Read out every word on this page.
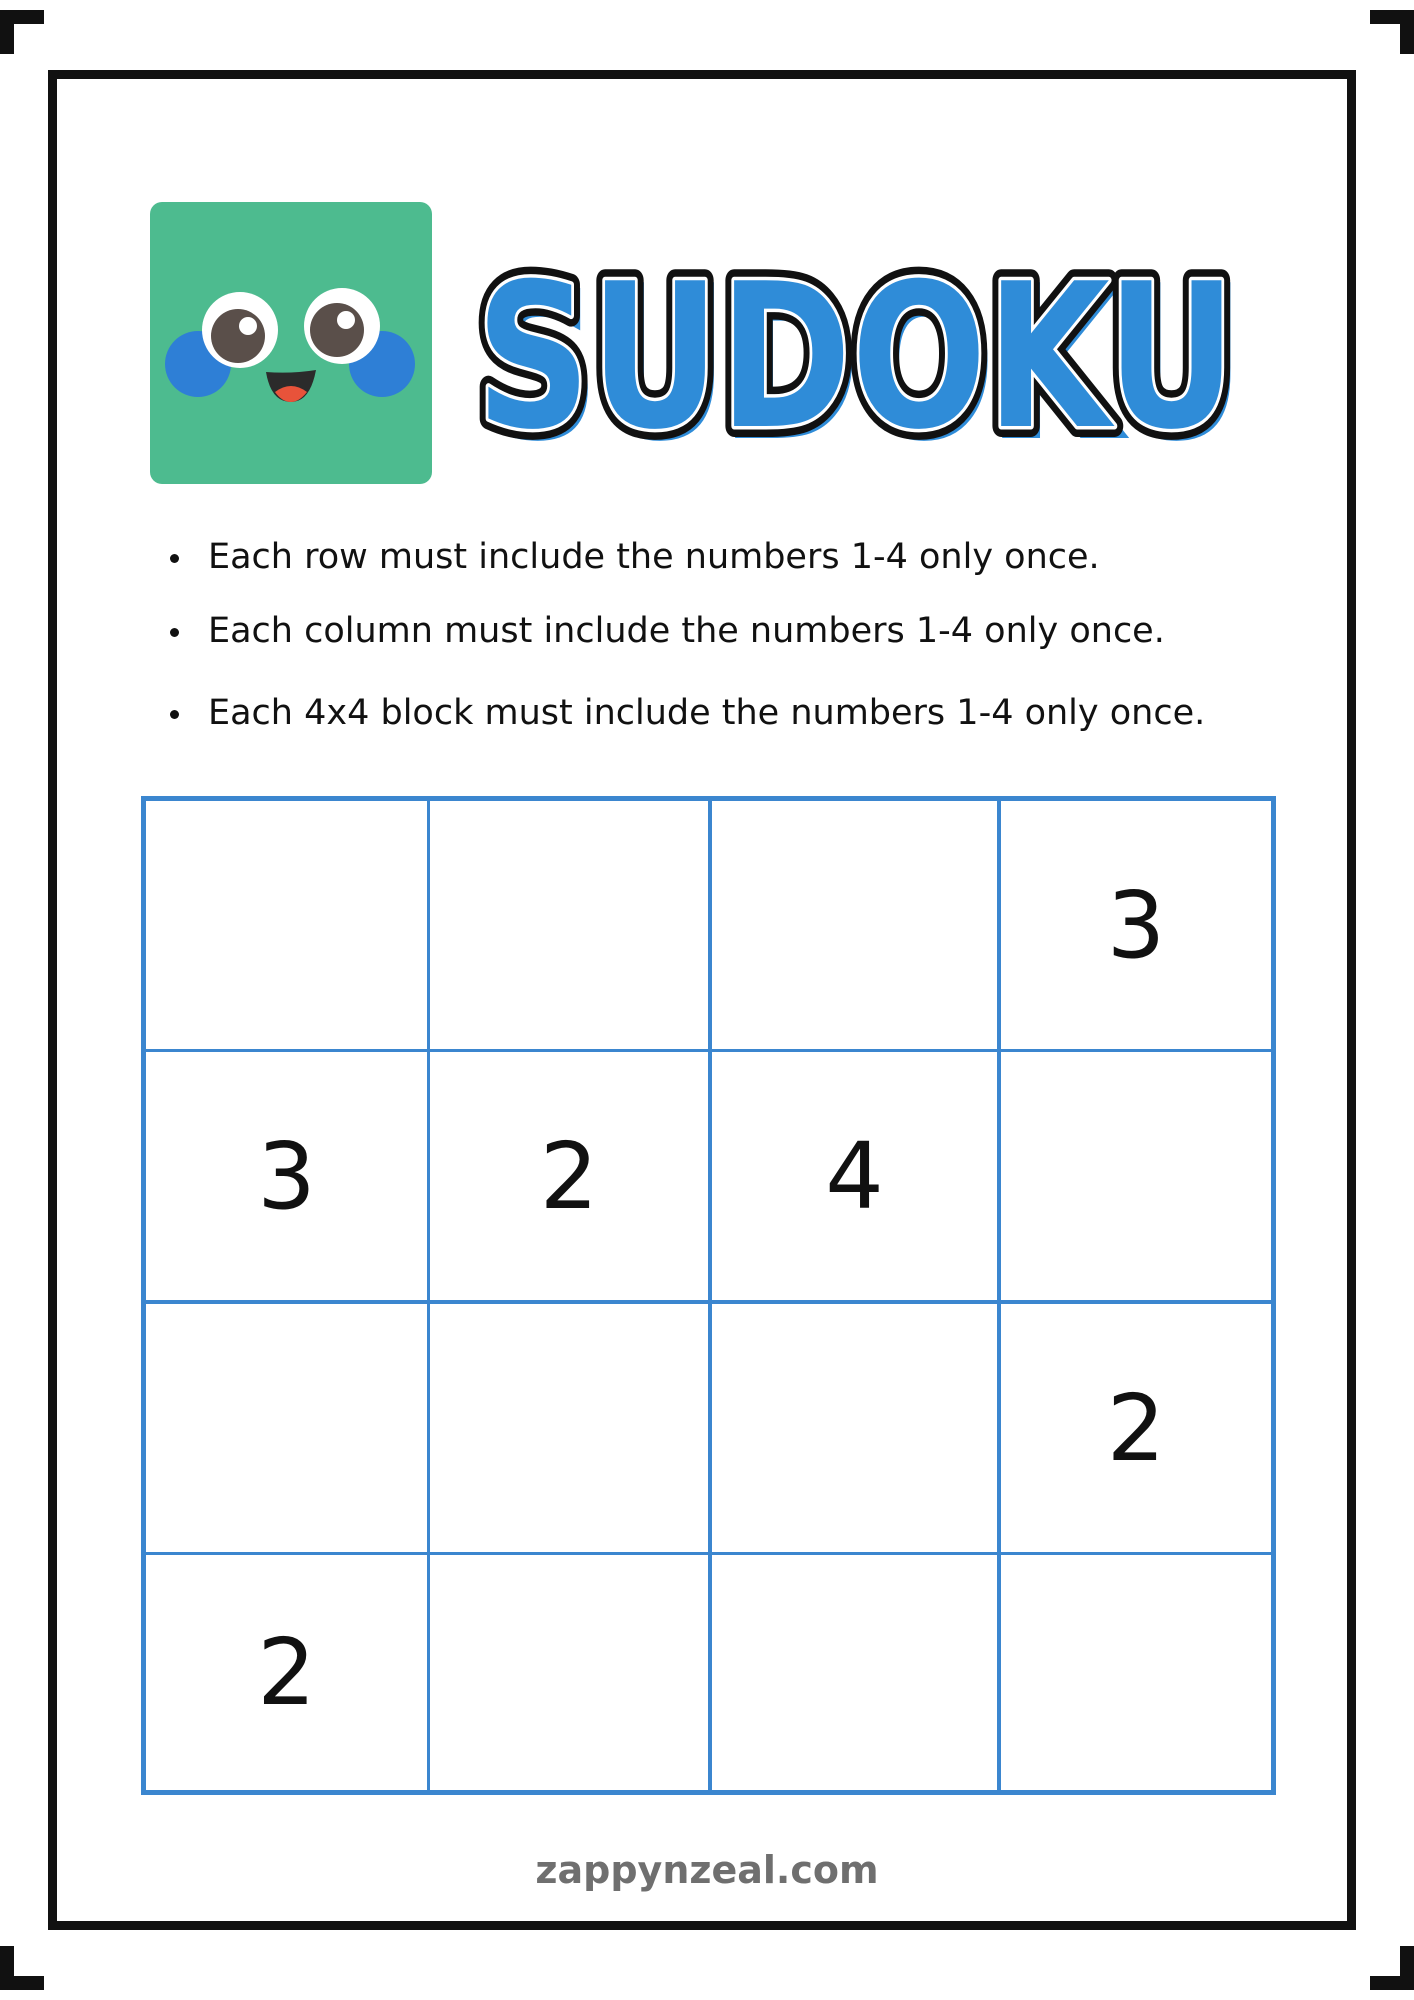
SUDOKU
SUDOKU
SUDOKU
SUDOKU
Each row must include the numbers 1-4 only once.
Each column must include the numbers 1-4 only once.
Each 4x4 block must include the numbers 1-4 only once.
3
3	2	4
2
2
zappynzeal.com
